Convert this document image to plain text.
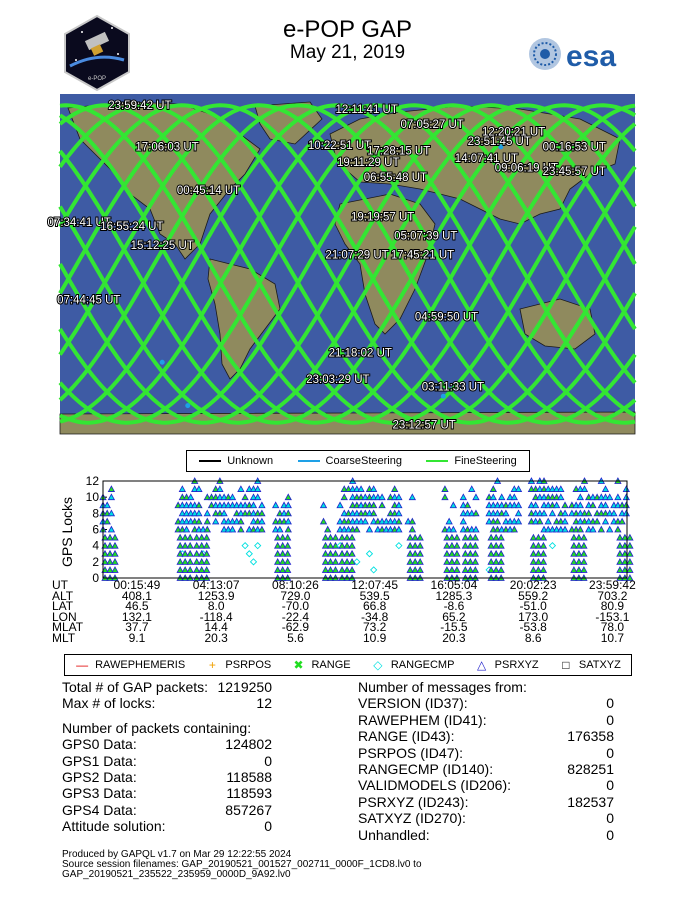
e-POP GAP
May 21, 2019
e-POP
esa
23:59:42 UT	12:11:41 UT
07:05:27 UT
12:20:21 UT
23:51:45 UT
17:06:03 UT	10:22:51 UT
17:28:15 UT	00:16:53 UT
14:07:41 UT
19:11:29 UT	09:06:19 UT
23:45:57 UT
06:55:48 UT
00:45:14 UT
07:34:41 UT	19:19:57 UT
16:55:24 UT
05:07:39 UT
15:12:25 UT
21:07:29 UT 17:45:21 UT
07:44:45 UT
04:59:50 UT
21:18:02 UT
23:03:29 UT
03:11:33 UT
23:12:57 UT
Unknown	CoarseSteering	FineSteering
GPS Locks
0
2
4
6
8
10
12
UT	00:15:49	04:13:07	08:10:26	12:07:45	16:05:04	20:02:23	23:59:42
ALT	408.1	1253.9	729.0	539.5	1285.3	559.2	703.2
LAT	46.5	8.0	-70.0	66.8	-8.6	-51.0	80.9
LON	132.1	-118.4	-22.4	-34.8	65.2	173.0	-153.1
MLAT	37.7	14.4	-62.9	73.2	-15.5	-53.8	78.0
MLT	9.1	20.3	5.6	10.9	20.3	8.6	10.7
— RAWEPHEMERIS + PSRPOS ✖ RANGE ◇ RANGECMP △ PSRXYZ □ SATXYZ
Total # of GAP packets: 1219250
Max # of locks:	12
Number of packets containing:
GPS0 Data:	124802
GPS1 Data:	0
GPS2 Data:	118588
GPS3 Data:	118593
GPS4 Data:	857267
Attitude solution:	0
Number of messages from:
VERSION (ID37):	0
RAWEPHEM (ID41):	0
RANGE (ID43):	176358
PSRPOS (ID47):	0
RANGECMP (ID140):	828251
VALIDMODELS (ID206):	0
PSRXYZ (ID243):	182537
SATXYZ (ID270):	0
Unhandled:	0
Produced by GAPQL v1.7 on Mar 29 12:22:55 2024
Source session filenames: GAP_20190521_001527_002711_0000F_1CD8.lv0 to
GAP_20190521_235522_235959_0000D_9A92.lv0
